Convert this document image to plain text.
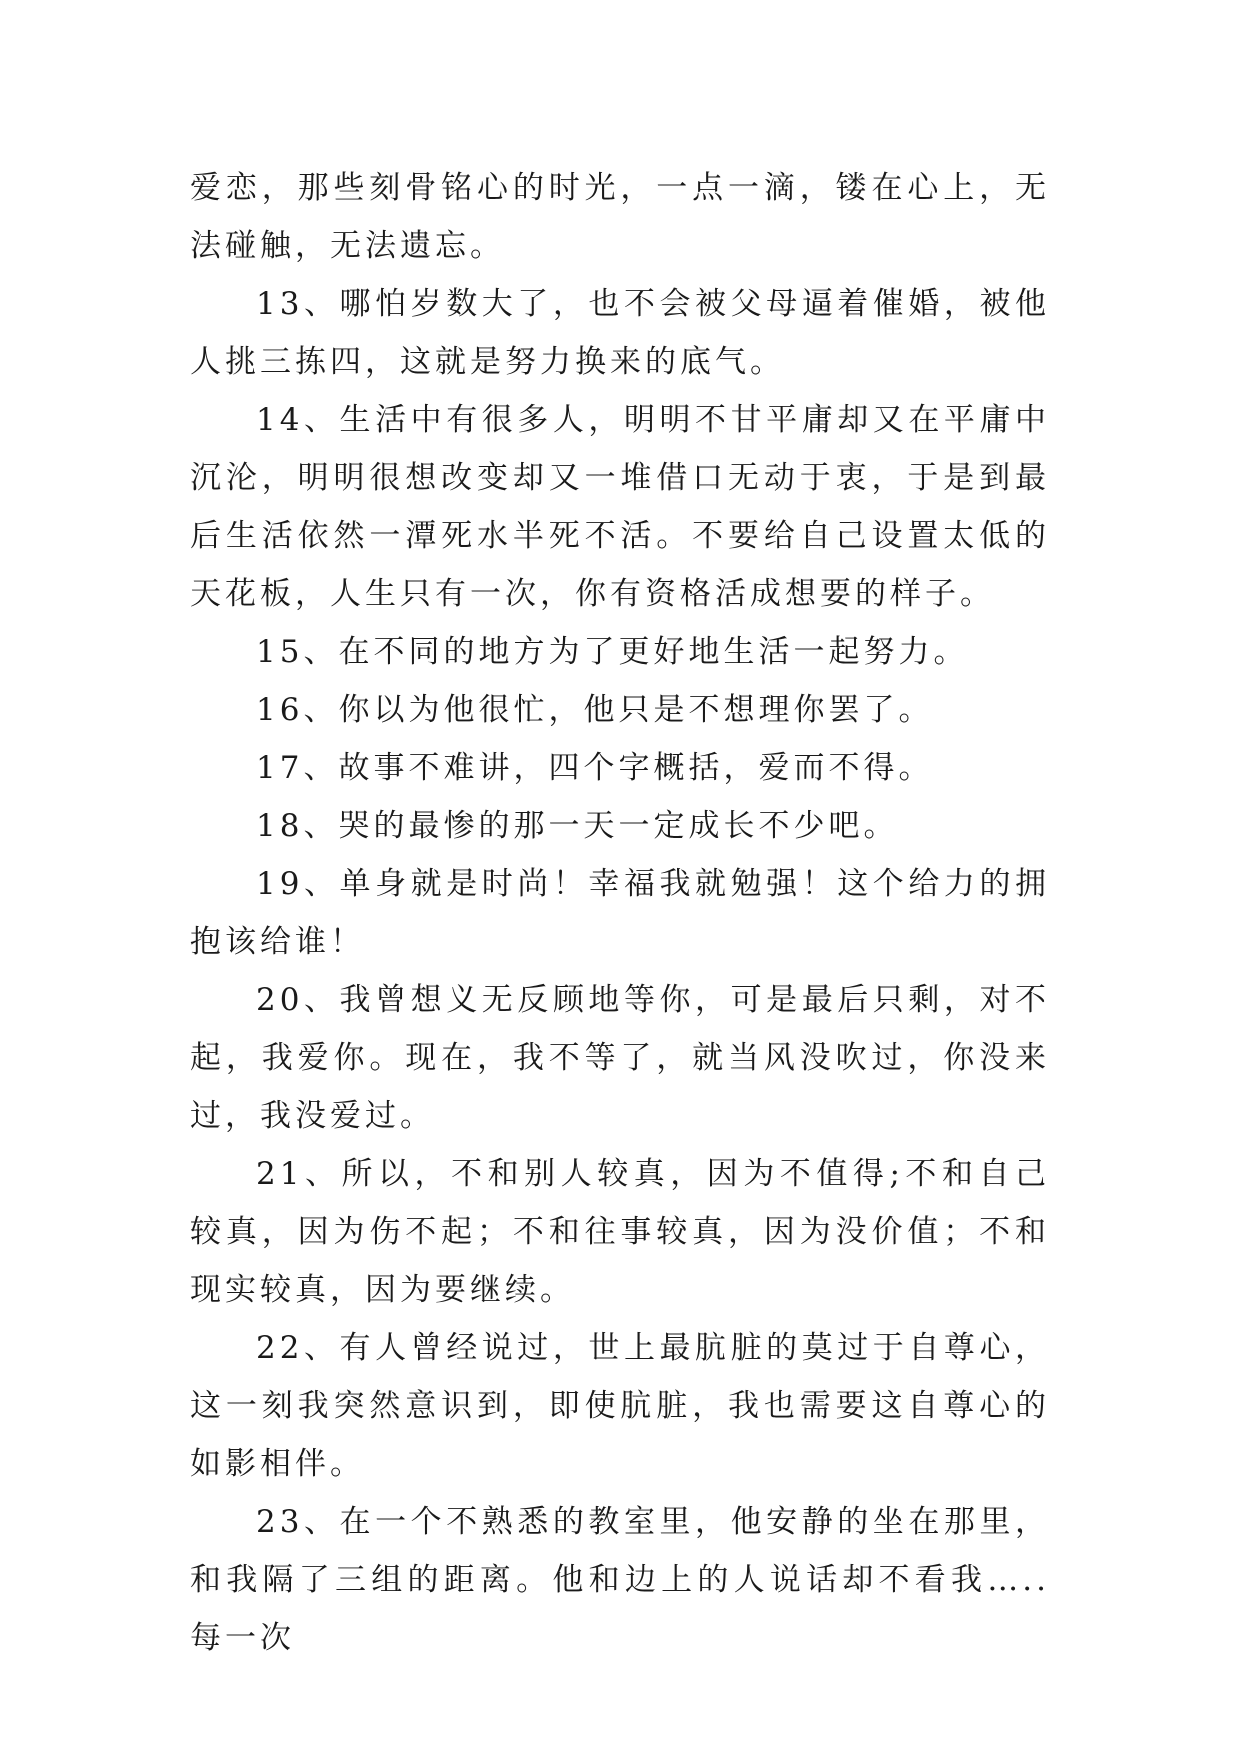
爱恋，那些刻骨铭心的时光，一点一滴，镂在心上，无法碰触，无法遗忘。

13、哪怕岁数大了，也不会被父母逼着催婚，被他人挑三拣四，这就是努力换来的底气。

14、生活中有很多人，明明不甘平庸却又在平庸中沉沦，明明很想改变却又一堆借口无动于衷，于是到最后生活依然一潭死水半死不活。不要给自己设置太低的天花板，人生只有一次，你有资格活成想要的样子。

15、在不同的地方为了更好地生活一起努力。

16、你以为他很忙，他只是不想理你罢了。

17、故事不难讲，四个字概括，爱而不得。

18、哭的最惨的那一天一定成长不少吧。

19、单身就是时尚！幸福我就勉强！这个给力的拥抱该给谁！

20、我曾想义无反顾地等你，可是最后只剩，对不起，我爱你。现在，我不等了，就当风没吹过，你没来过，我没爱过。

21、所以，不和别人较真，因为不值得;不和自己较真，因为伤不起；不和往事较真，因为没价值；不和现实较真，因为要继续。

22、有人曾经说过，世上最肮脏的莫过于自尊心，这一刻我突然意识到，即使肮脏，我也需要这自尊心的如影相伴。

23、在一个不熟悉的教室里，他安静的坐在那里，和我隔了三组的距离。他和边上的人说话却不看我….. 每一次
